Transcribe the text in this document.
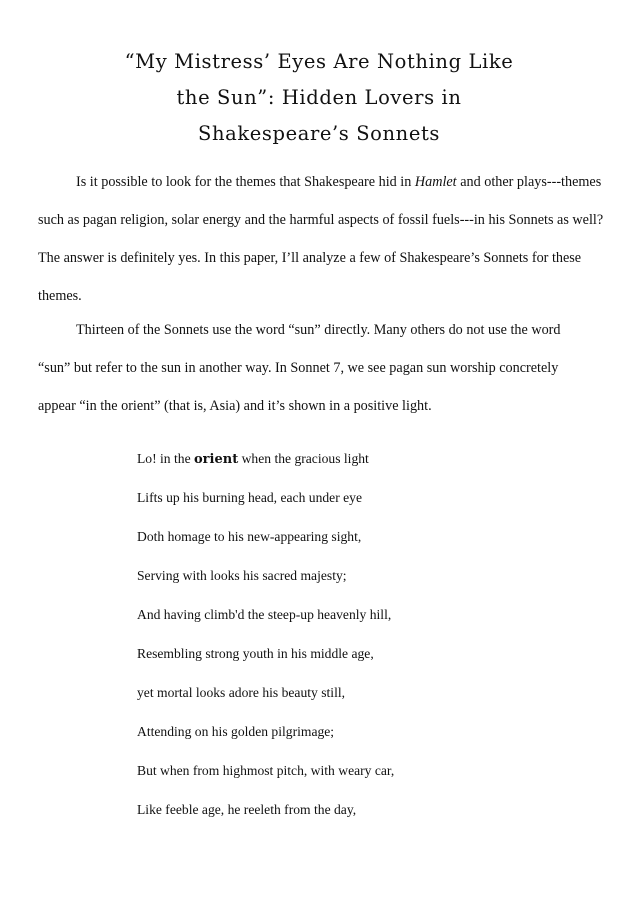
“My Mistress’ Eyes Are Nothing Like
the Sun”: Hidden Lovers in
Shakespeare’s Sonnets

Is it possible to look for the themes that Shakespeare hid in Hamlet and other plays---themes
such as pagan religion, solar energy and the harmful aspects of fossil fuels---in his Sonnets as well?
The answer is definitely yes. In this paper, I’ll analyze a few of Shakespeare’s Sonnets for these
themes.

Thirteen of the Sonnets use the word “sun” directly. Many others do not use the word
“sun” but refer to the sun in another way. In Sonnet 7, we see pagan sun worship concretely
appear “in the orient” (that is, Asia) and it’s shown in a positive light.

Lo! in the orient when the gracious light
Lifts up his burning head, each under eye
Doth homage to his new-appearing sight,
Serving with looks his sacred majesty;
And having climb'd the steep-up heavenly hill,
Resembling strong youth in his middle age,
yet mortal looks adore his beauty still,
Attending on his golden pilgrimage;
But when from highmost pitch, with weary car,
Like feeble age, he reeleth from the day,
